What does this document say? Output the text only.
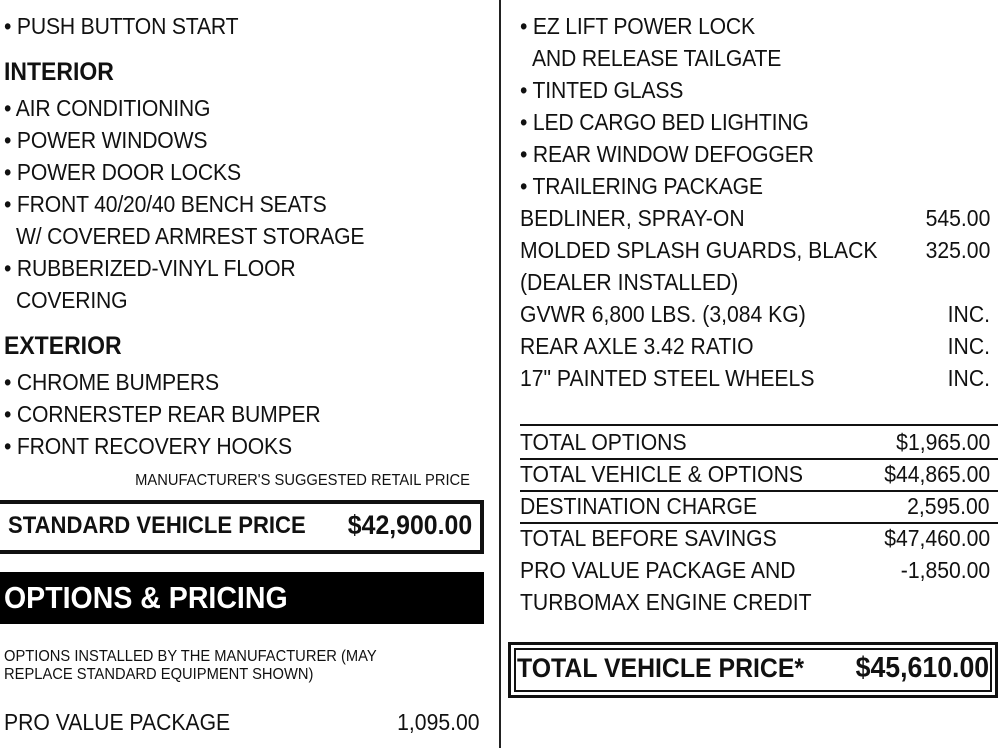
• PUSH BUTTON START
INTERIOR
• AIR CONDITIONING
• POWER WINDOWS
• POWER DOOR LOCKS
• FRONT 40/20/40 BENCH SEATS
W/ COVERED ARMREST STORAGE
• RUBBERIZED-VINYL FLOOR
COVERING
EXTERIOR
• CHROME BUMPERS
• CORNERSTEP REAR BUMPER
• FRONT RECOVERY HOOKS
MANUFACTURER'S SUGGESTED RETAIL PRICE
STANDARD VEHICLE PRICE $42,900.00
OPTIONS & PRICING
OPTIONS INSTALLED BY THE MANUFACTURER (MAY REPLACE STANDARD EQUIPMENT SHOWN)
PRO VALUE PACKAGE	1,095.00
• EZ LIFT POWER LOCK
AND RELEASE TAILGATE
• TINTED GLASS
• LED CARGO BED LIGHTING
• REAR WINDOW DEFOGGER
• TRAILERING PACKAGE
BEDLINER, SPRAY-ON	545.00
MOLDED SPLASH GUARDS, BLACK 325.00
(DEALER INSTALLED)
GVWR 6,800 LBS. (3,084 KG)	INC.
REAR AXLE 3.42 RATIO	INC.
17" PAINTED STEEL WHEELS	INC.
TOTAL OPTIONS	$1,965.00
TOTAL VEHICLE & OPTIONS	$44,865.00
DESTINATION CHARGE	2,595.00
TOTAL BEFORE SAVINGS	$47,460.00
PRO VALUE PACKAGE AND	-1,850.00
TURBOMAX ENGINE CREDIT
TOTAL VEHICLE PRICE* $45,610.00
